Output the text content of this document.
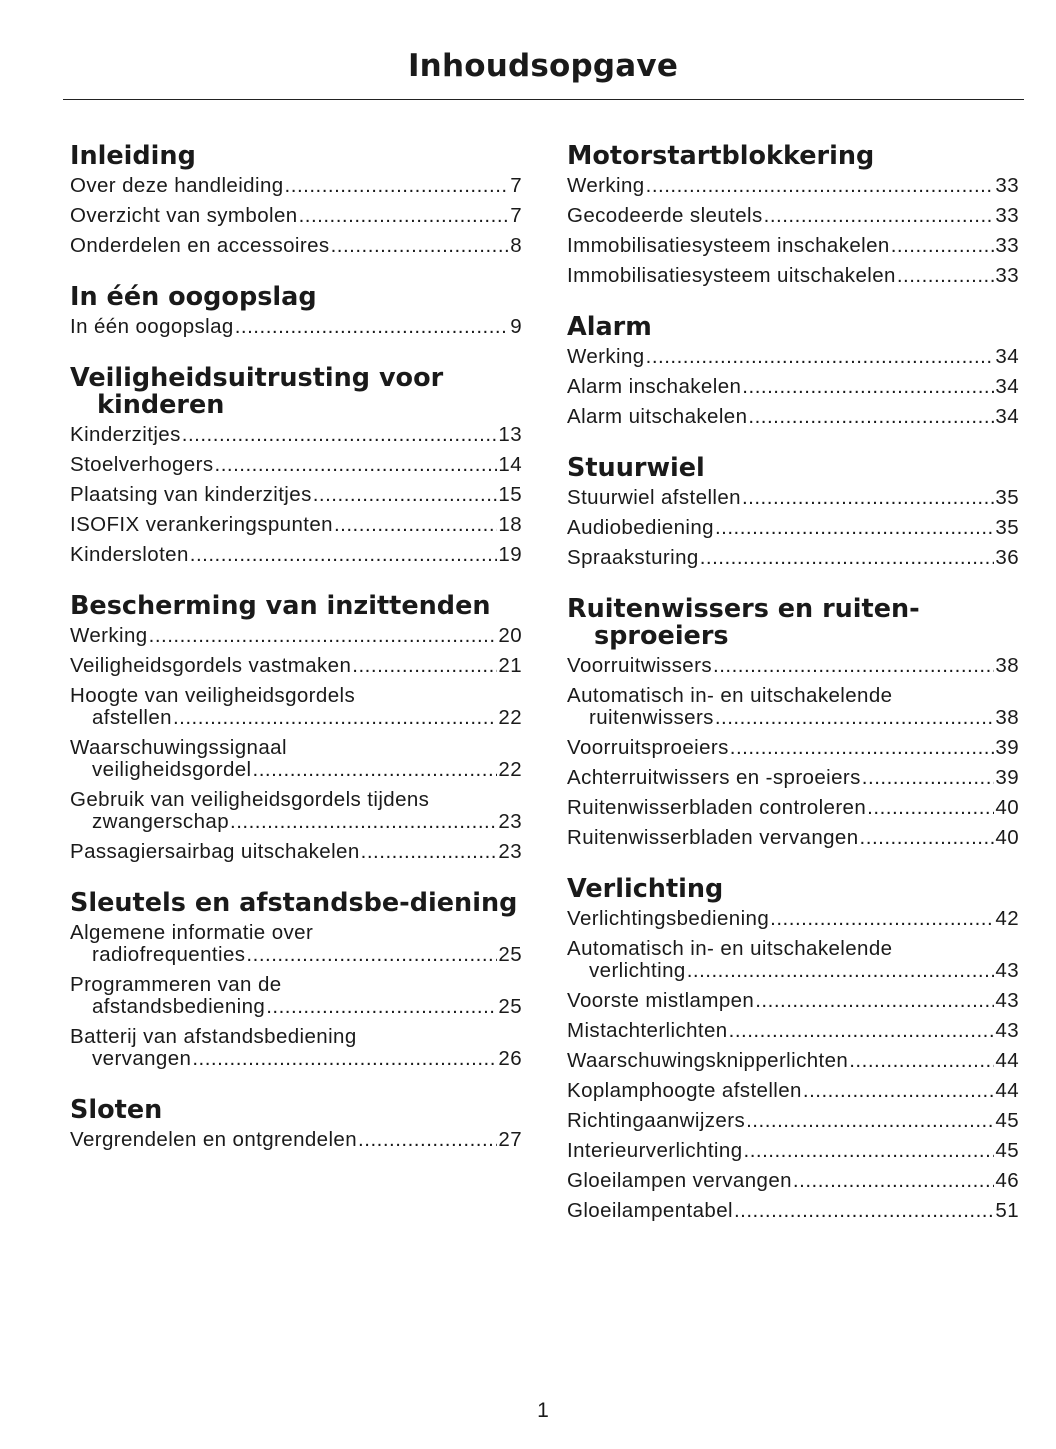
Inhoudsopgave
Inleiding
Over deze handleiding .....	7
Overzicht van symbolen .....	7
Onderdelen en accessoires .....	8
In één oogopslag
In één oogopslag .....	9
Veiligheidsuitrusting voor kinderen
Kinderzitjes .....	13
Stoelverhogers .....	14
Plaatsing van kinderzitjes .....	15
ISOFIX verankeringspunten .....	18
Kindersloten .....	19
Bescherming van inzittenden
Werking .....	20
Veiligheidsgordels vastmaken .....	21
Hoogte van veiligheidsgordels
afstellen .....	22
Waarschuwingssignaal
veiligheidsgordel .....	22
Gebruik van veiligheidsgordels tijdens
zwangerschap .....	23
Passagiersairbag uitschakelen .....	23
Sleutels en afstandsbe-diening
Algemene informatie over
radiofrequenties .....	25
Programmeren van de
afstandsbediening .....	25
Batterij van afstandsbediening
vervangen .....	26
Sloten
Vergrendelen en ontgrendelen .....	27
Motorstartblokkering
Werking .....	33
Gecodeerde sleutels .....	33
Immobilisatiesysteem inschakelen .....	33
Immobilisatiesysteem uitschakelen .....	33
Alarm
Werking .....	34
Alarm inschakelen .....	34
Alarm uitschakelen .....	34
Stuurwiel
Stuurwiel afstellen .....	35
Audiobediening .....	35
Spraaksturing .....	36
Ruitenwissers en ruiten-sproeiers
Voorruitwissers .....	38
Automatisch in- en uitschakelende
ruitenwissers .....	38
Voorruitsproeiers .....	39
Achterruitwissers en -sproeiers .....	39
Ruitenwisserbladen controleren .....	40
Ruitenwisserbladen vervangen .....	40
Verlichting
Verlichtingsbediening .....	42
Automatisch in- en uitschakelende
verlichting .....	43
Voorste mistlampen .....	43
Mistachterlichten .....	43
Waarschuwingsknipperlichten .....	44
Koplamphoogte afstellen .....	44
Richtingaanwijzers .....	45
Interieurverlichting .....	45
Gloeilampen vervangen .....	46
Gloeilampentabel .....	51
1
